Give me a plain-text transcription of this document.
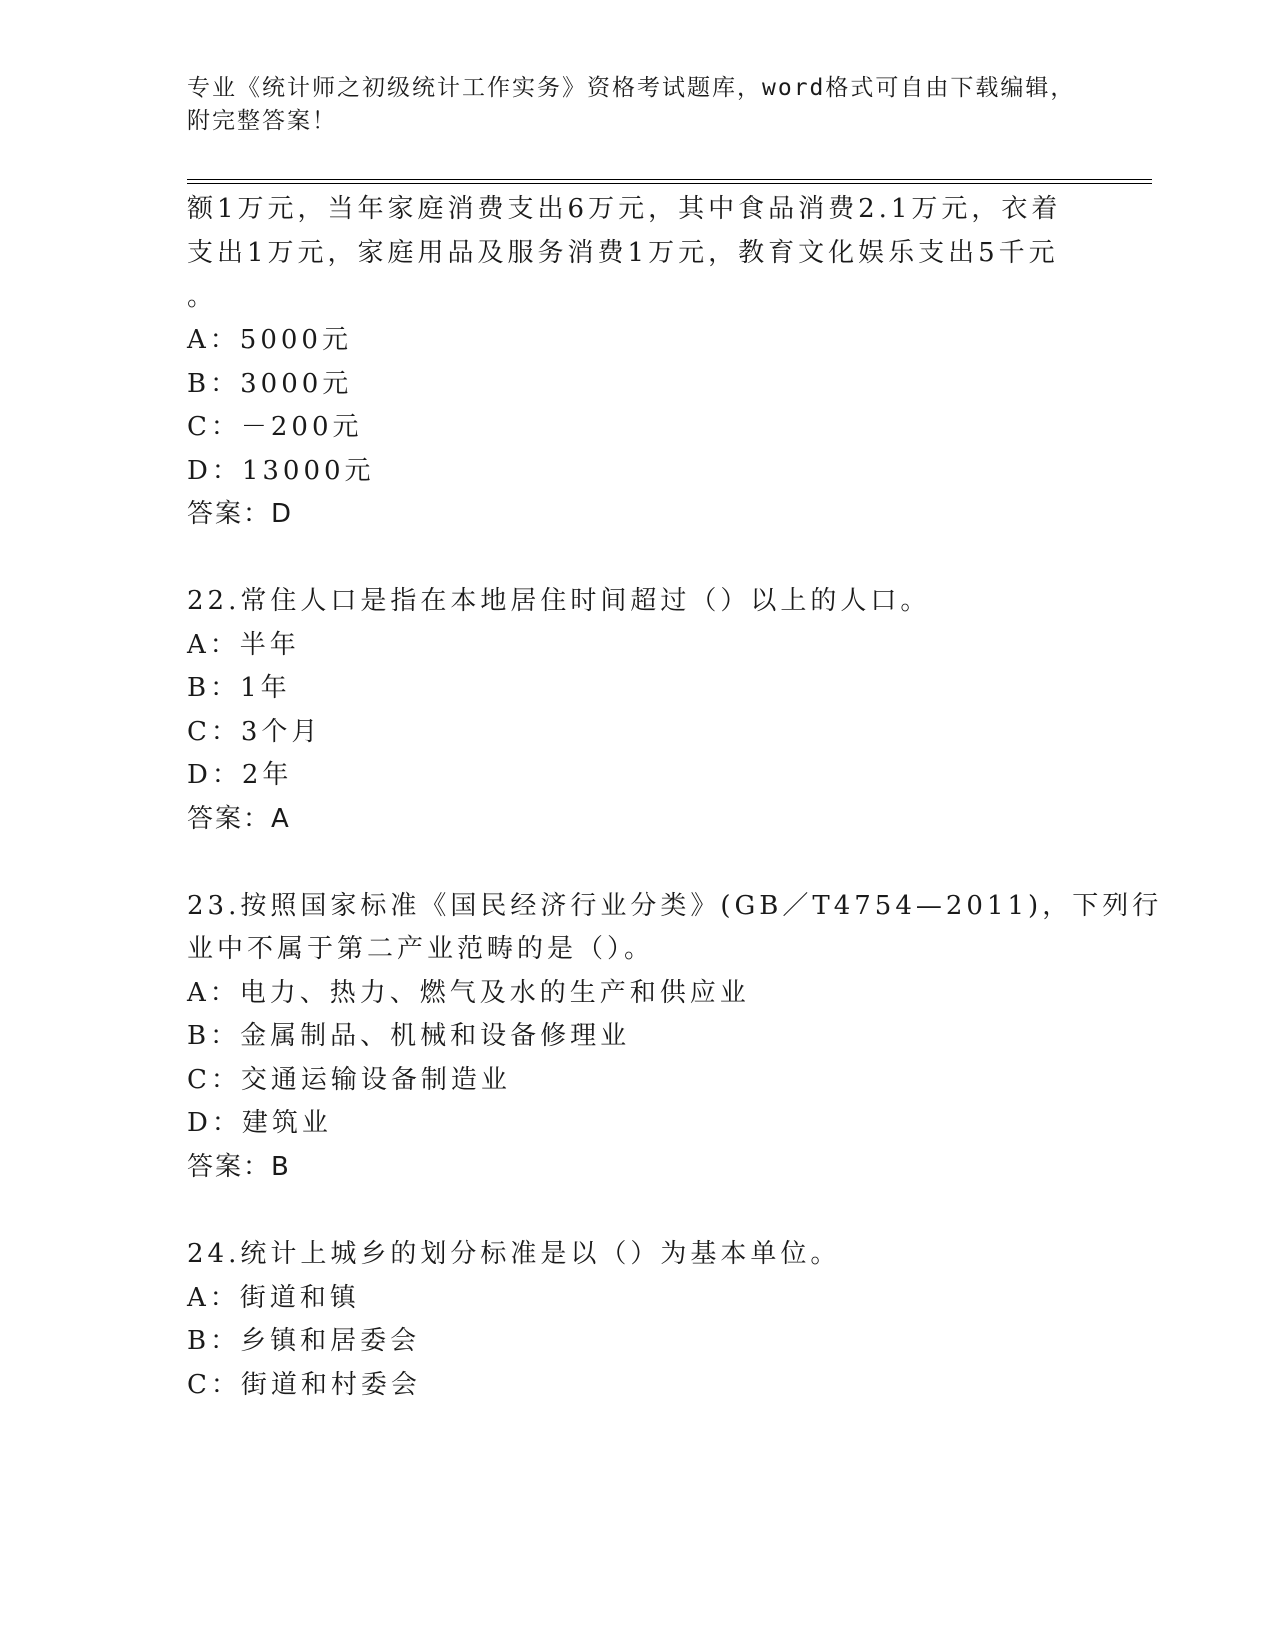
专业《统计师之初级统计工作实务》资格考试题库，word格式可自由下载编辑，
附完整答案！
额1万元，当年家庭消费支出6万元，其中食品消费2.1万元，衣着
支出1万元，家庭用品及服务消费1万元，教育文化娱乐支出5千元
。
A：5000元
B：3000元
C：－200元
D：13000元
答案：D
22.常住人口是指在本地居住时间超过（）以上的人口。
A：半年
B：1年
C：3个月
D：2年
答案：A
23.按照国家标准《国民经济行业分类》(GB／T4754—2011)，下列行
业中不属于第二产业范畴的是（）。
A：电力、热力、燃气及水的生产和供应业
B：金属制品、机械和设备修理业
C：交通运输设备制造业
D：建筑业
答案：B
24.统计上城乡的划分标准是以（）为基本单位。
A：街道和镇
B：乡镇和居委会
C：街道和村委会
